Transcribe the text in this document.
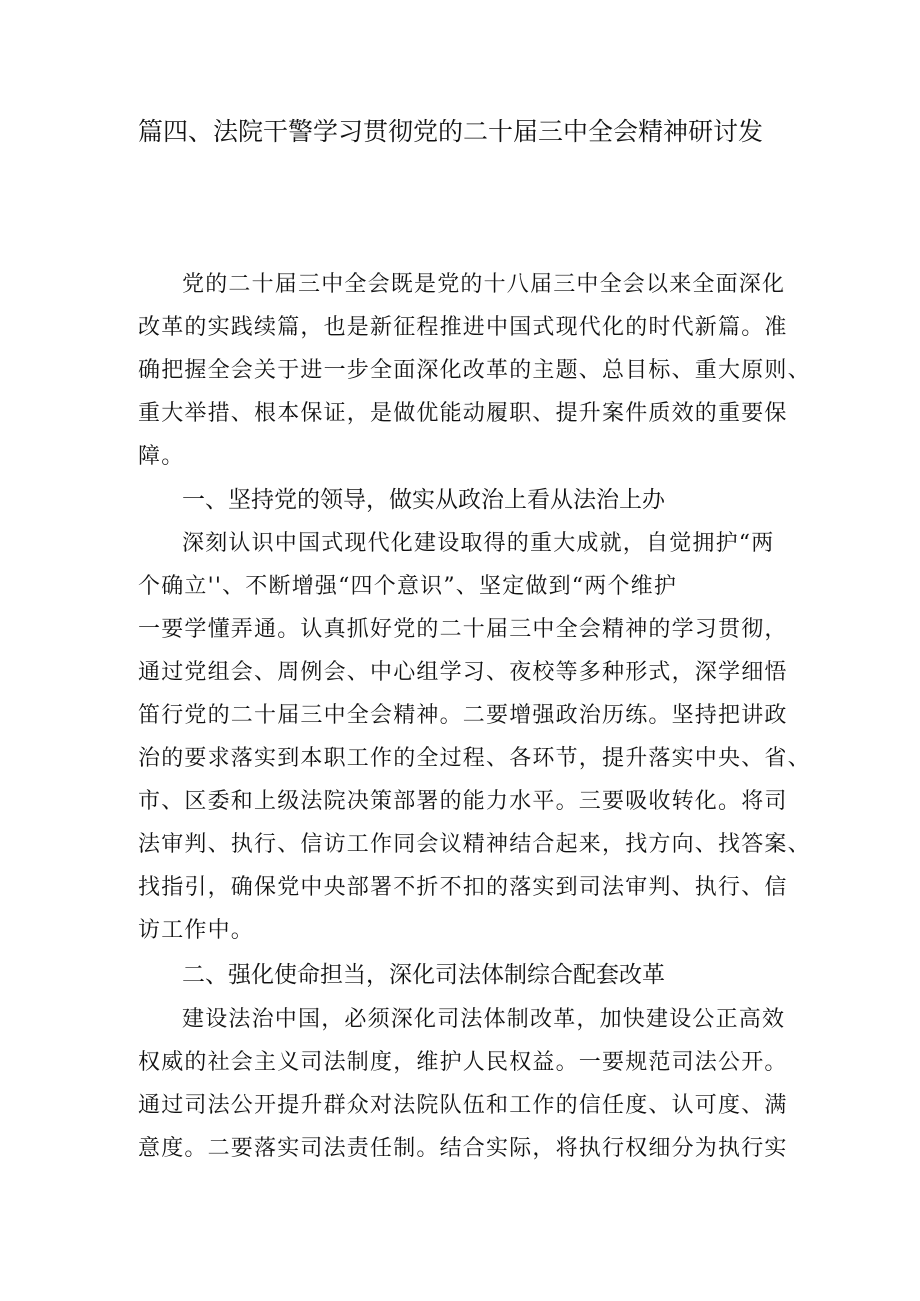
篇四、法院干警学习贯彻党的二十届三中全会精神研讨发
党的二十届三中全会既是党的十八届三中全会以来全面深化
改革的实践续篇，也是新征程推进中国式现代化的时代新篇。准
确把握全会关于进一步全面深化改革的主题、总目标、重大原则、
重大举措、根本保证，是做优能动履职、提升案件质效的重要保
障。
一、坚持党的领导，做实从政治上看从法治上办
深刻认识中国式现代化建设取得的重大成就，自觉拥护“两
个确立''、不断增强“四个意识”、坚定做到“两个维护
一要学懂弄通。认真抓好党的二十届三中全会精神的学习贯彻，
通过党组会、周例会、中心组学习、夜校等多种形式，深学细悟
笛行党的二十届三中全会精神。二要增强政治历练。坚持把讲政
治的要求落实到本职工作的全过程、各环节，提升落实中央、省、
市、区委和上级法院决策部署的能力水平。三要吸收转化。将司
法审判、执行、信访工作同会议精神结合起来，找方向、找答案、
找指引，确保党中央部署不折不扣的落实到司法审判、执行、信
访工作中。
二、强化使命担当，深化司法体制综合配套改革
建设法治中国，必须深化司法体制改革，加快建设公正高效
权威的社会主义司法制度，维护人民权益。一要规范司法公开。
通过司法公开提升群众对法院队伍和工作的信任度、认可度、满
意度。二要落实司法责任制。结合实际，将执行权细分为执行实
